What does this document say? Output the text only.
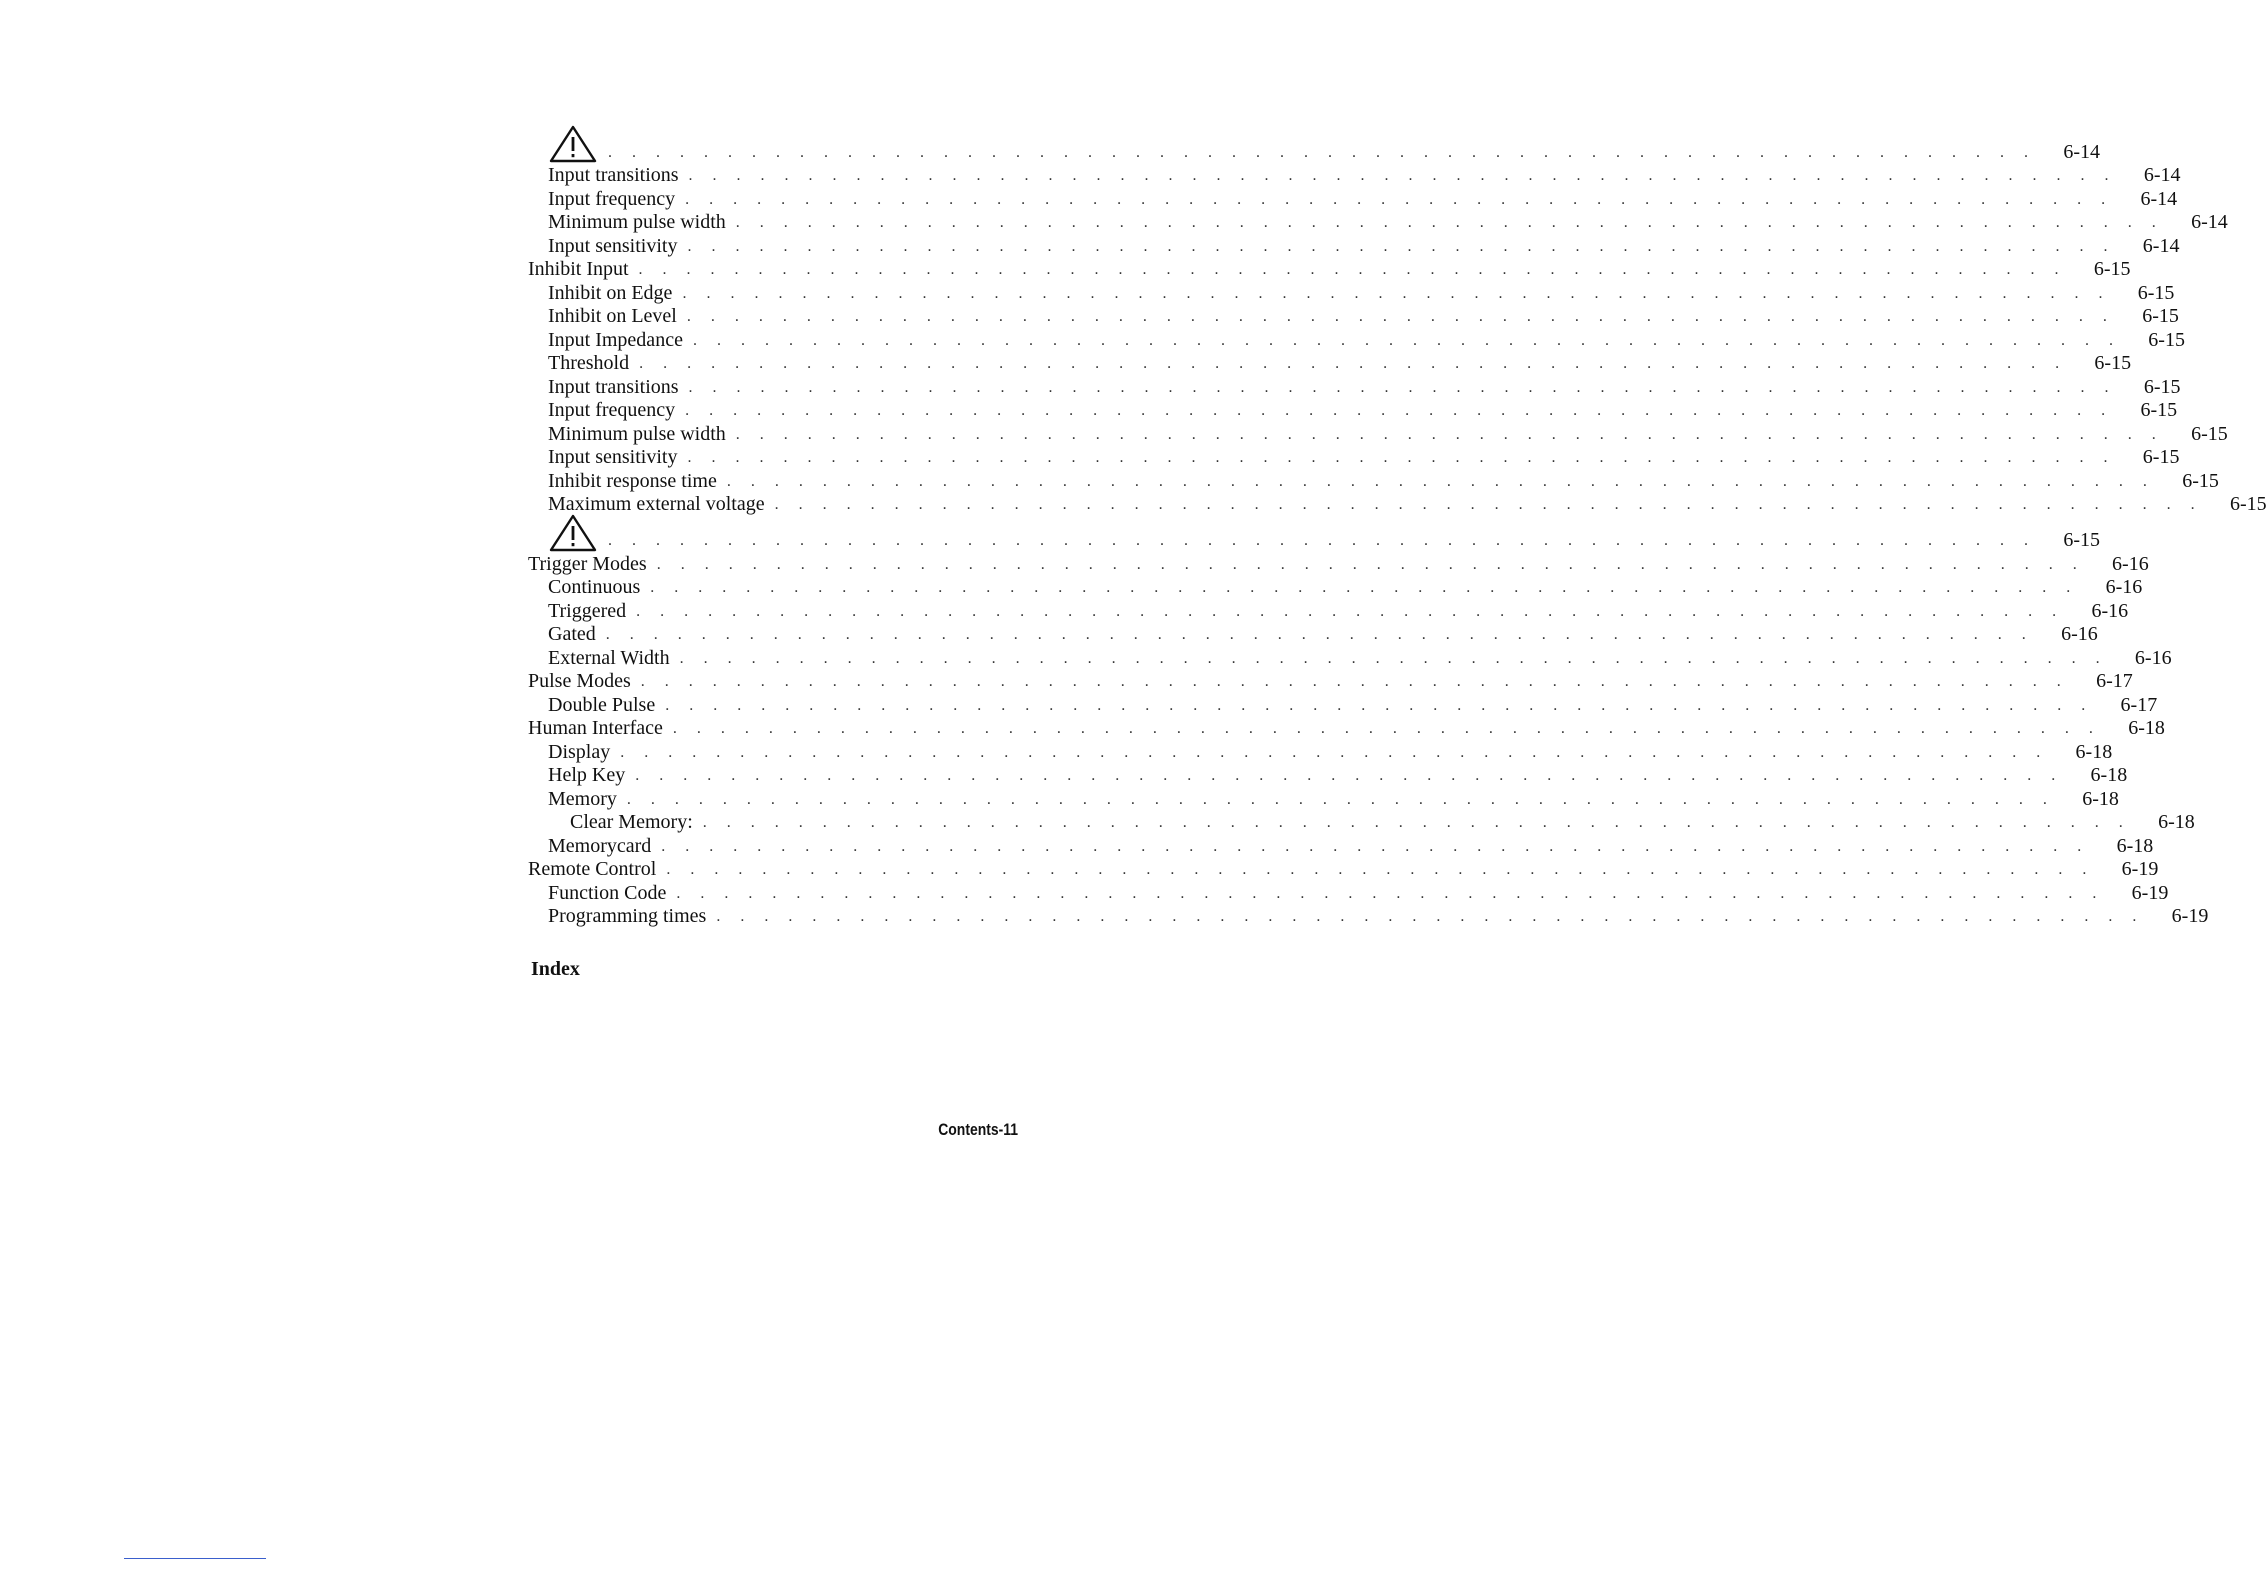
. . . . . . . . . . . . . . . . . . . . . . . . . . . . . . . . . . . . . . . . . . . . . . . . . . . . . . . . . . . . 6-14
Input transitions . . . . . . . . . . . . . . . . . . . . . . . . . . . . . . . . . . . . . . . . . . . . . . . . . . . . . . . . . . . . 6-14
Input frequency . . . . . . . . . . . . . . . . . . . . . . . . . . . . . . . . . . . . . . . . . . . . . . . . . . . . . . . . . . . . 6-14
Minimum pulse width . . . . . . . . . . . . . . . . . . . . . . . . . . . . . . . . . . . . . . . . . . . . . . . . . . . . . . . . . . . . 6-14
Input sensitivity . . . . . . . . . . . . . . . . . . . . . . . . . . . . . . . . . . . . . . . . . . . . . . . . . . . . . . . . . . . . 6-14
Inhibit Input . . . . . . . . . . . . . . . . . . . . . . . . . . . . . . . . . . . . . . . . . . . . . . . . . . . . . . . . . . . . 6-15
Inhibit on Edge . . . . . . . . . . . . . . . . . . . . . . . . . . . . . . . . . . . . . . . . . . . . . . . . . . . . . . . . . . . . 6-15
Inhibit on Level . . . . . . . . . . . . . . . . . . . . . . . . . . . . . . . . . . . . . . . . . . . . . . . . . . . . . . . . . . . . 6-15
Input Impedance . . . . . . . . . . . . . . . . . . . . . . . . . . . . . . . . . . . . . . . . . . . . . . . . . . . . . . . . . . . . 6-15
Threshold . . . . . . . . . . . . . . . . . . . . . . . . . . . . . . . . . . . . . . . . . . . . . . . . . . . . . . . . . . . . 6-15
Input transitions . . . . . . . . . . . . . . . . . . . . . . . . . . . . . . . . . . . . . . . . . . . . . . . . . . . . . . . . . . . . 6-15
Input frequency . . . . . . . . . . . . . . . . . . . . . . . . . . . . . . . . . . . . . . . . . . . . . . . . . . . . . . . . . . . . 6-15
Minimum pulse width . . . . . . . . . . . . . . . . . . . . . . . . . . . . . . . . . . . . . . . . . . . . . . . . . . . . . . . . . . . . 6-15
Input sensitivity . . . . . . . . . . . . . . . . . . . . . . . . . . . . . . . . . . . . . . . . . . . . . . . . . . . . . . . . . . . . 6-15
Inhibit response time . . . . . . . . . . . . . . . . . . . . . . . . . . . . . . . . . . . . . . . . . . . . . . . . . . . . . . . . . . . . 6-15
Maximum external voltage . . . . . . . . . . . . . . . . . . . . . . . . . . . . . . . . . . . . . . . . . . . . . . . . . . . . . . . . . . . . 6-15
. . . . . . . . . . . . . . . . . . . . . . . . . . . . . . . . . . . . . . . . . . . . . . . . . . . . . . . . . . . . 6-15
Trigger Modes . . . . . . . . . . . . . . . . . . . . . . . . . . . . . . . . . . . . . . . . . . . . . . . . . . . . . . . . . . . . 6-16
Continuous . . . . . . . . . . . . . . . . . . . . . . . . . . . . . . . . . . . . . . . . . . . . . . . . . . . . . . . . . . . . 6-16
Triggered . . . . . . . . . . . . . . . . . . . . . . . . . . . . . . . . . . . . . . . . . . . . . . . . . . . . . . . . . . . . 6-16
Gated . . . . . . . . . . . . . . . . . . . . . . . . . . . . . . . . . . . . . . . . . . . . . . . . . . . . . . . . . . . . 6-16
External Width . . . . . . . . . . . . . . . . . . . . . . . . . . . . . . . . . . . . . . . . . . . . . . . . . . . . . . . . . . . . 6-16
Pulse Modes . . . . . . . . . . . . . . . . . . . . . . . . . . . . . . . . . . . . . . . . . . . . . . . . . . . . . . . . . . . . 6-17
Double Pulse . . . . . . . . . . . . . . . . . . . . . . . . . . . . . . . . . . . . . . . . . . . . . . . . . . . . . . . . . . . . 6-17
Human Interface . . . . . . . . . . . . . . . . . . . . . . . . . . . . . . . . . . . . . . . . . . . . . . . . . . . . . . . . . . . . 6-18
Display . . . . . . . . . . . . . . . . . . . . . . . . . . . . . . . . . . . . . . . . . . . . . . . . . . . . . . . . . . . . 6-18
Help Key . . . . . . . . . . . . . . . . . . . . . . . . . . . . . . . . . . . . . . . . . . . . . . . . . . . . . . . . . . . . 6-18
Memory . . . . . . . . . . . . . . . . . . . . . . . . . . . . . . . . . . . . . . . . . . . . . . . . . . . . . . . . . . . . 6-18
Clear Memory: . . . . . . . . . . . . . . . . . . . . . . . . . . . . . . . . . . . . . . . . . . . . . . . . . . . . . . . . . . . . 6-18
Memorycard . . . . . . . . . . . . . . . . . . . . . . . . . . . . . . . . . . . . . . . . . . . . . . . . . . . . . . . . . . . . 6-18
Remote Control . . . . . . . . . . . . . . . . . . . . . . . . . . . . . . . . . . . . . . . . . . . . . . . . . . . . . . . . . . . . 6-19
Function Code . . . . . . . . . . . . . . . . . . . . . . . . . . . . . . . . . . . . . . . . . . . . . . . . . . . . . . . . . . . . 6-19
Programming times . . . . . . . . . . . . . . . . . . . . . . . . . . . . . . . . . . . . . . . . . . . . . . . . . . . . . . . . . . . . 6-19
Index
Contents-11
